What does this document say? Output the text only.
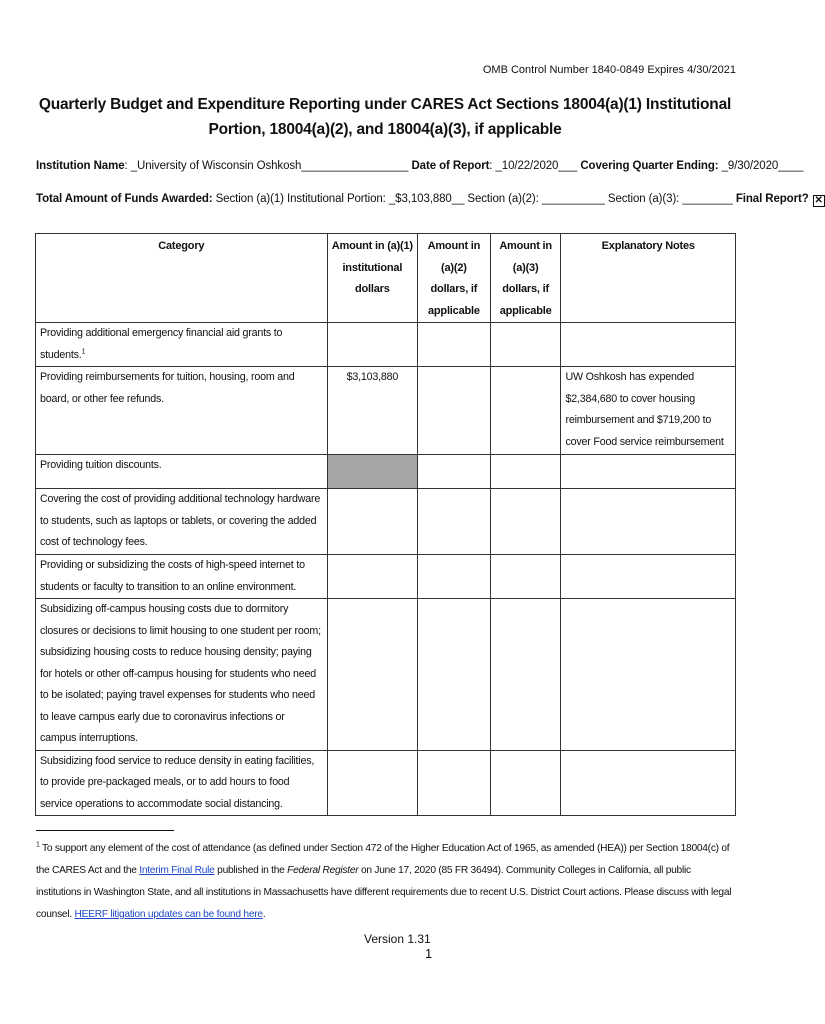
OMB Control Number 1840-0849 Expires 4/30/2021
Quarterly Budget and Expenditure Reporting under CARES Act Sections 18004(a)(1) Institutional Portion, 18004(a)(2), and 18004(a)(3), if applicable
Institution Name: _University of Wisconsin Oshkosh_________________ Date of Report: _10/22/2020___ Covering Quarter Ending: _9/30/2020____
Total Amount of Funds Awarded: Section (a)(1) Institutional Portion: _$3,103,880__ Section (a)(2): __________ Section (a)(3): ________ Final Report? ✕
Category	Amount in (a)(1) institutional dollars	Amount in (a)(2) dollars, if applicable	Amount in (a)(3) dollars, if applicable	Explanatory Notes
Providing additional emergency financial aid grants to students.$^1$				
Providing reimbursements for tuition, housing, room and board, or other fee refunds.	$3,103,880			UW Oshkosh has expended $2,384,680 to cover housing reimbursement and $719,200 to cover Food service reimbursement
Providing tuition discounts.				
Covering the cost of providing additional technology hardware to students, such as laptops or tablets, or covering the added cost of technology fees.				
Providing or subsidizing the costs of high-speed internet to students or faculty to transition to an online environment.				
Subsidizing off-campus housing costs due to dormitory closures or decisions to limit housing to one student per room; subsidizing housing costs to reduce housing density; paying for hotels or other off-campus housing for students who need to be isolated; paying travel expenses for students who need to leave campus early due to coronavirus infections or campus interruptions.				
Subsidizing food service to reduce density in eating facilities, to provide pre-packaged meals, or to add hours to food service operations to accommodate social distancing.				
$^1$ To support any element of the cost of attendance (as defined under Section 472 of the Higher Education Act of 1965, as amended (HEA)) per Section 18004(c) of the CARES Act and the Interim Final Rule published in the Federal Register on June 17, 2020 (85 FR 36494). Community Colleges in California, all public institutions in Washington State, and all institutions in Massachusetts have different requirements due to recent U.S. District Court actions. Please discuss with legal counsel. HEERF litigation updates can be found here.
Version 1.31
1
